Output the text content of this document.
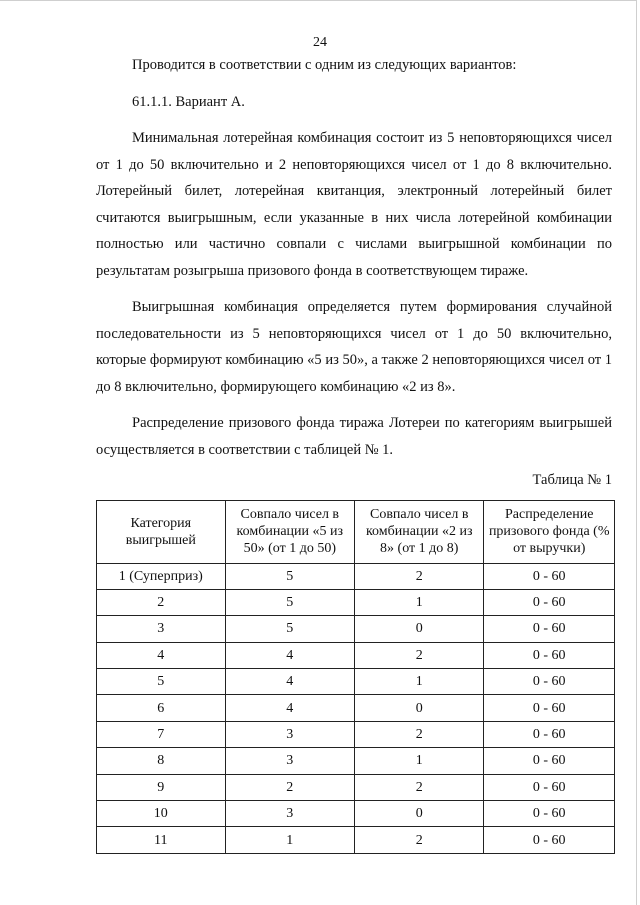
24

Проводится в соответствии с одним из следующих вариантов:

61.1.1. Вариант А.

Минимальная лотерейная комбинация состоит из 5 неповторяющихся чисел от 1 до 50 включительно и 2 неповторяющихся чисел от 1 до 8 включительно. Лотерейный билет, лотерейная квитанция, электронный лотерейный билет считаются выигрышным, если указанные в них числа лотерейной комбинации полностью или частично совпали с числами выигрышной комбинации по результатам розыгрыша призового фонда в соответствующем тираже.

Выигрышная комбинация определяется путем формирования случайной последовательности из 5 неповторяющихся чисел от 1 до 50 включительно, которые формируют комбинацию «5 из 50», а также 2 неповторяющихся чисел от 1 до 8 включительно, формирующего комбинацию «2 из 8».

Распределение призового фонда тиража Лотереи по категориям выигрышей осуществляется в соответствии с таблицей № 1.

Таблица № 1
Категория выигрышей	Совпало чисел в комбинации «5 из 50» (от 1 до 50)	Совпало чисел в комбинации «2 из 8» (от 1 до 8)	Распределение призового фонда (% от выручки)
1 (Суперприз)	5	2	0 - 60
2	5	1	0 - 60
3	5	0	0 - 60
4	4	2	0 - 60
5	4	1	0 - 60
6	4	0	0 - 60
7	3	2	0 - 60
8	3	1	0 - 60
9	2	2	0 - 60
10	3	0	0 - 60
11	1	2	0 - 60
